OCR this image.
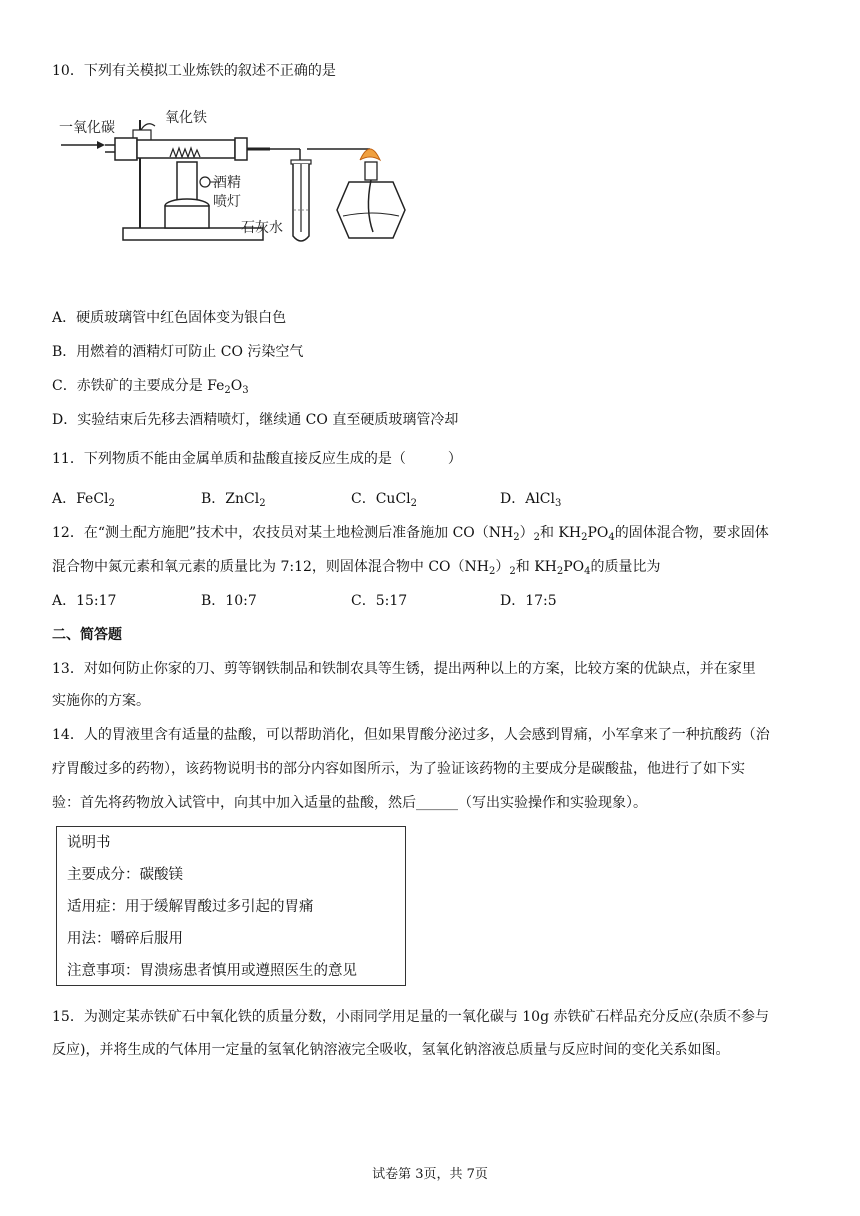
10．下列有关模拟工业炼铁的叙述不正确的是
一氧化碳
氧化铁
酒精
喷灯
石灰水
A．硬质玻璃管中红色固体变为银白色
B．用燃着的酒精灯可防止 CO 污染空气
C．赤铁矿的主要成分是 $Fe_2O_3$
D．实验结束后先移去酒精喷灯，继续通 CO 直至硬质玻璃管冷却
11．下列物质不能由金属单质和盐酸直接反应生成的是（　　　）
A．FeCl$_2$	B．ZnCl$_2$	C．CuCl$_2$	D．AlCl$_3$
12．在“测土配方施肥”技术中，农技员对某土地检测后准备施加 $CO(NH_2)_2$和 $KH_2PO_4$的固体混合物，要求固体
混合物中氮元素和氧元素的质量比为 7:12，则固体混合物中 $CO(NH_2)_2$和 $KH_2PO_4$的质量比为
A．15:17	B．10:7	C．5:17	D．17:5
二、简答题
13．对如何防止你家的刀、剪等钢铁制品和铁制农具等生锈，提出两种以上的方案，比较方案的优缺点，并在家里
实施你的方案。
14．人的胃液里含有适量的盐酸，可以帮助消化，但如果胃酸分泌过多，人会感到胃痛，小军拿来了一种抗酸药（治
疗胃酸过多的药物），该药物说明书的部分内容如图所示，为了验证该药物的主要成分是碳酸盐，他进行了如下实
验：首先将药物放入试管中，向其中加入适量的盐酸，然后______（写出实验操作和实验现象）。
说明书
主要成分：碳酸镁
适用症：用于缓解胃酸过多引起的胃痛
用法：嚼碎后服用
注意事项：胃溃疡患者慎用或遵照医生的意见
15．为测定某赤铁矿石中氧化铁的质量分数，小雨同学用足量的一氧化碳与 10g 赤铁矿石样品充分反应(杂质不参与
反应)，并将生成的气体用一定量的氢氧化钠溶液完全吸收，氢氧化钠溶液总质量与反应时间的变化关系如图。
试卷第 3页，共 7页
